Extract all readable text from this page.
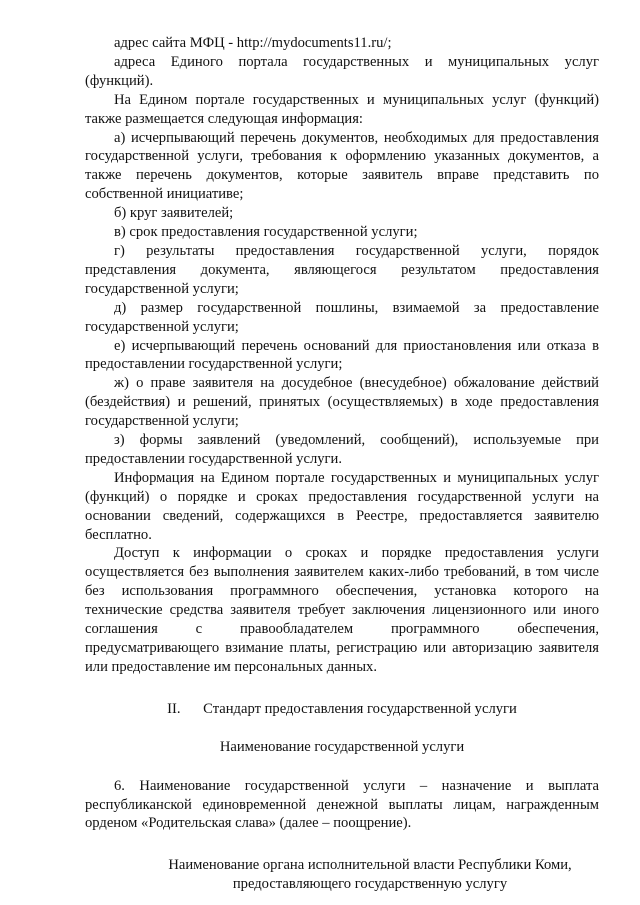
адрес сайта МФЦ - http://mydocuments11.ru/;

адреса Единого портала государственных и муниципальных услуг (функций).

На Едином портале государственных и муниципальных услуг (функций) также размещается следующая информация:

а) исчерпывающий перечень документов, необходимых для предоставления государственной услуги, требования к оформлению указанных документов, а также перечень документов, которые заявитель вправе представить по собственной инициативе;

б) круг заявителей;

в) срок предоставления государственной услуги;

г) результаты предоставления государственной услуги, порядок представления документа, являющегося результатом предоставления государственной услуги;

д) размер государственной пошлины, взимаемой за предоставление государственной услуги;

е) исчерпывающий перечень оснований для приостановления или отказа в предоставлении государственной услуги;

ж) о праве заявителя на досудебное (внесудебное) обжалование действий (бездействия) и решений, принятых (осуществляемых) в ходе предоставления государственной услуги;

з) формы заявлений (уведомлений, сообщений), используемые при предоставлении государственной услуги.

Информация на Едином портале государственных и муниципальных услуг (функций) о порядке и сроках предоставления государственной услуги на основании сведений, содержащихся в Реестре, предоставляется заявителю бесплатно.

Доступ к информации о сроках и порядке предоставления услуги осуществляется без выполнения заявителем каких-либо требований, в том числе без использования программного обеспечения, установка которого на технические средства заявителя требует заключения лицензионного или иного соглашения с правообладателем программного обеспечения, предусматривающего взимание платы, регистрацию или авторизацию заявителя или предоставление им персональных данных.

II. Стандарт предоставления государственной услуги

Наименование государственной услуги

6. Наименование государственной услуги – назначение и выплата республиканской единовременной денежной выплаты лицам, награжденным орденом «Родительская слава» (далее – поощрение).

Наименование органа исполнительной власти Республики Коми,
предоставляющего государственную услугу
